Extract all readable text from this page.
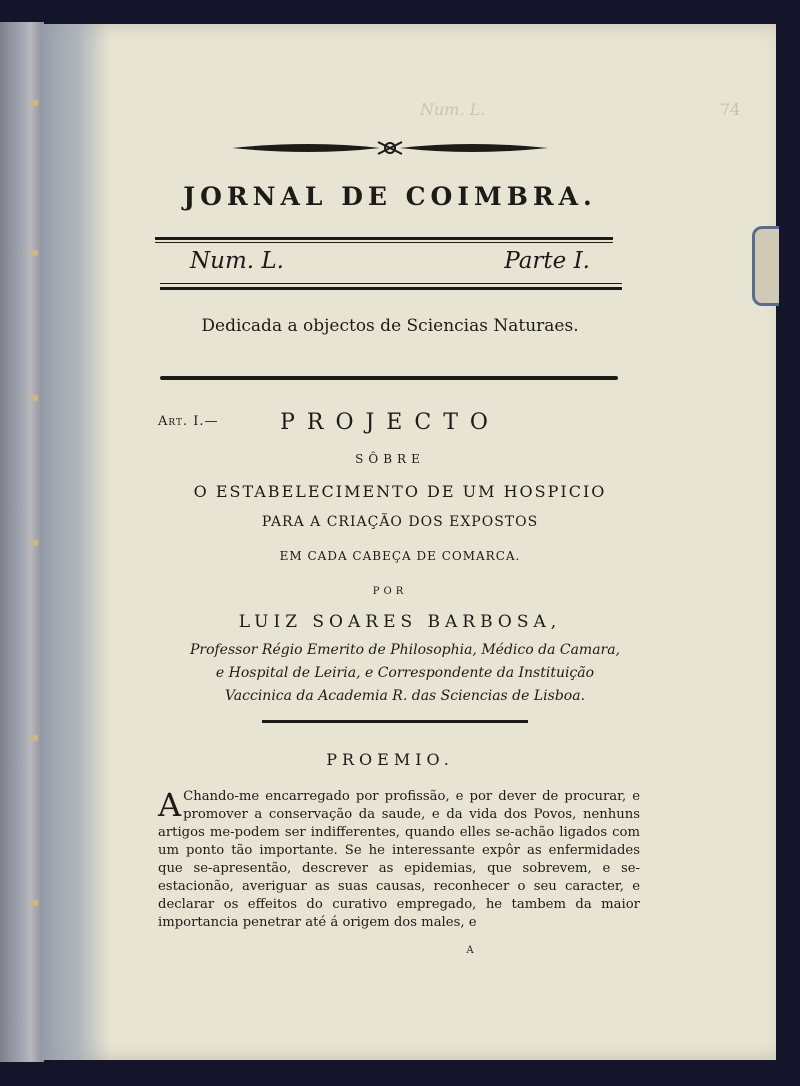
Num. L.	74
JORNAL DE COIMBRA.
Num. L.	Parte I.
Dedicada a objectos de Sciencias Naturaes.
Art. I.—	PROJECTO
SÔBRE
O ESTABELECIMENTO DE UM HOSPICIO
PARA A CRIAÇÃO DOS EXPOSTOS
EM CADA CABEÇA DE COMARCA.
POR
LUIZ SOARES BARBOSA,
Professor Régio Emerito de Philosophia, Médico da Camara,
e Hospital de Leiria, e Correspondente da Instituição
Vaccinica da Academia R. das Sciencias de Lisboa.
PROEMIO.
A Chando-me encarregado por profissão, e por dever de procurar, e promover a conservação da saude, e da vida dos Povos, nenhuns artigos me-podem ser indifferentes, quando elles se-achão ligados com um ponto tão importante. Se he interessante expôr as enfermidades que se-apresentão, descrever as epidemias, que sobrevem, e se-estacionão, averiguar as suas causas, reconhecer o seu caracter, e declarar os effeitos do curativo empregado, he tambem da maior importancia penetrar até á origem dos males, e
A
